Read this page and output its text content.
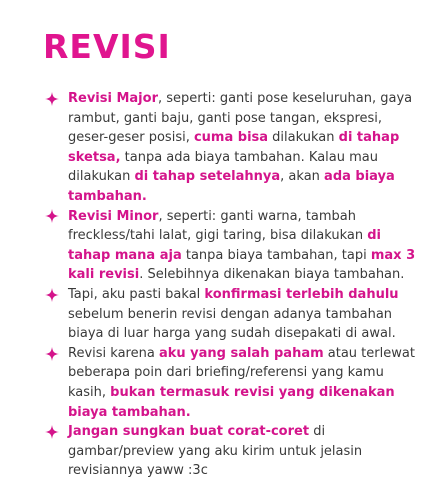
REVISI
Revisi Major, seperti: ganti pose keseluruhan, gaya rambut, ganti baju, ganti pose tangan, ekspresi, geser-geser posisi, cuma bisa dilakukan di tahap sketsa, tanpa ada biaya tambahan. Kalau mau dilakukan di tahap setelahnya, akan ada biaya tambahan.
Revisi Minor, seperti: ganti warna, tambah freckless/tahi lalat, gigi taring, bisa dilakukan di tahap mana aja tanpa biaya tambahan, tapi max 3 kali revisi. Selebihnya dikenakan biaya tambahan.
Tapi, aku pasti bakal konfirmasi terlebih dahulu sebelum benerin revisi dengan adanya tambahan biaya di luar harga yang sudah disepakati di awal.
Revisi karena aku yang salah paham atau terlewat beberapa poin dari briefing/referensi yang kamu kasih, bukan termasuk revisi yang dikenakan biaya tambahan.
Jangan sungkan buat corat-coret di gambar/preview yang aku kirim untuk jelasin revisiannya yaww :3c
